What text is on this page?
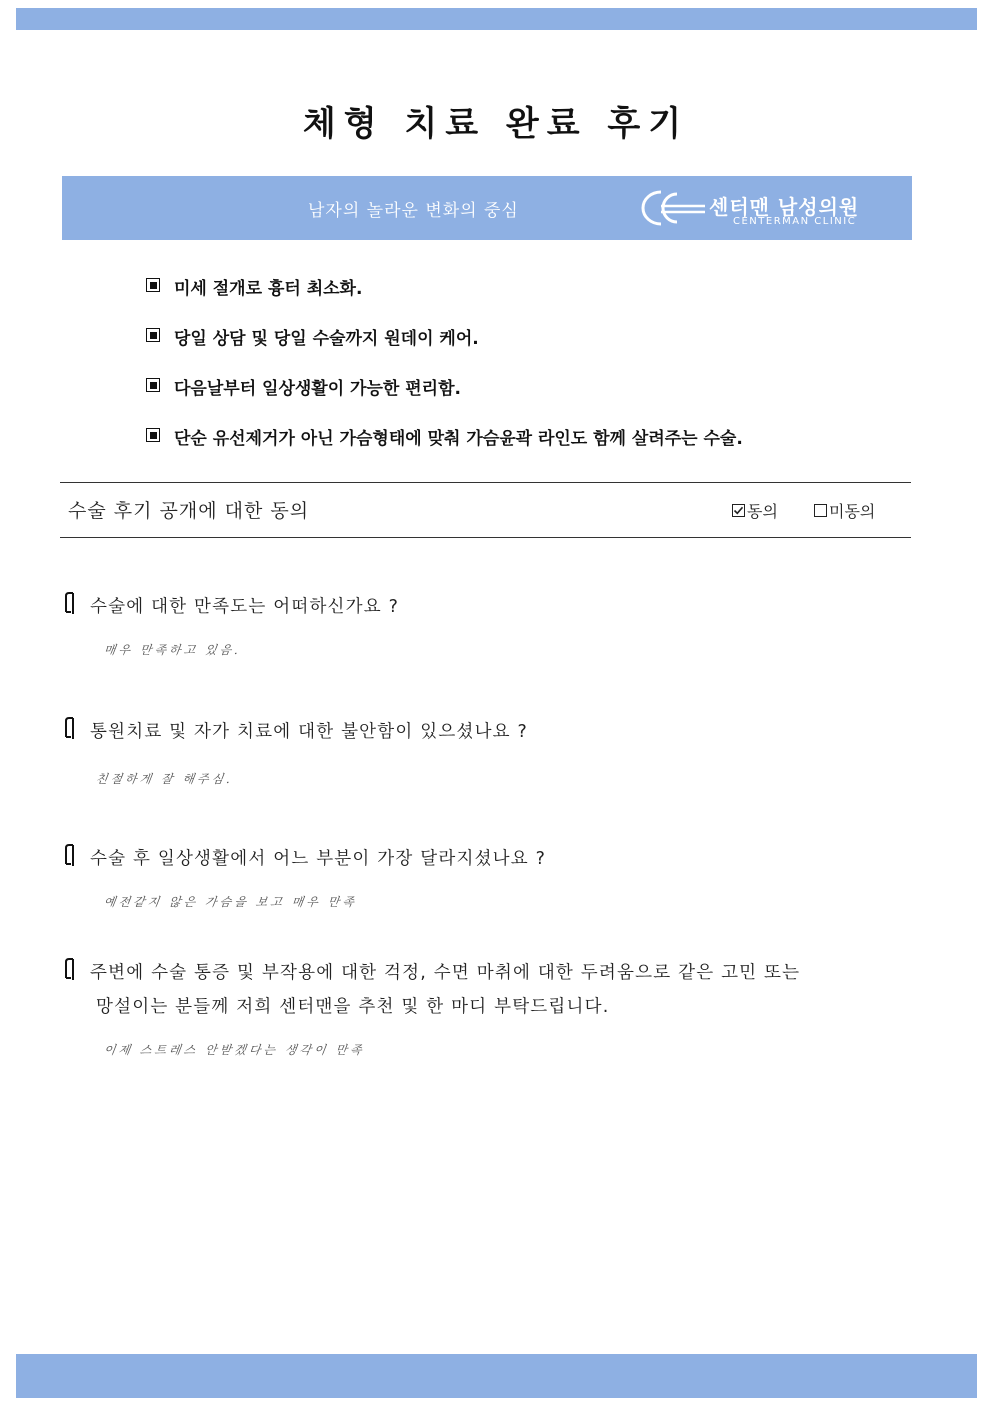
체형 치료 완료 후기
남자의 놀라운 변화의 중심	센터맨 남성의원
CENTERMAN CLINIC
미세 절개로 흉터 최소화.
당일 상담 및 당일 수술까지 원데이 케어.
다음날부터 일상생활이 가능한 편리함.
단순 유선제거가 아닌 가슴형태에 맞춰 가슴윤곽 라인도 함께 살려주는 수술.
수술 후기 공개에 대한 동의	동의	미동의
수술에 대한 만족도는 어떠하신가요 ?
매우 만족하고 있음.
통원치료 및 자가 치료에 대한 불안함이 있으셨나요 ?
친절하게 잘 해주심.
수술 후 일상생활에서 어느 부분이 가장 달라지셨나요 ?
예전같지 않은 가슴을 보고 매우 만족
주변에 수술 통증 및 부작용에 대한 걱정, 수면 마취에 대한 두려움으로 같은 고민 또는
망설이는 분들께 저희 센터맨을 추천 및 한 마디 부탁드립니다.
이제 스트레스 안받겠다는 생각이 만족
